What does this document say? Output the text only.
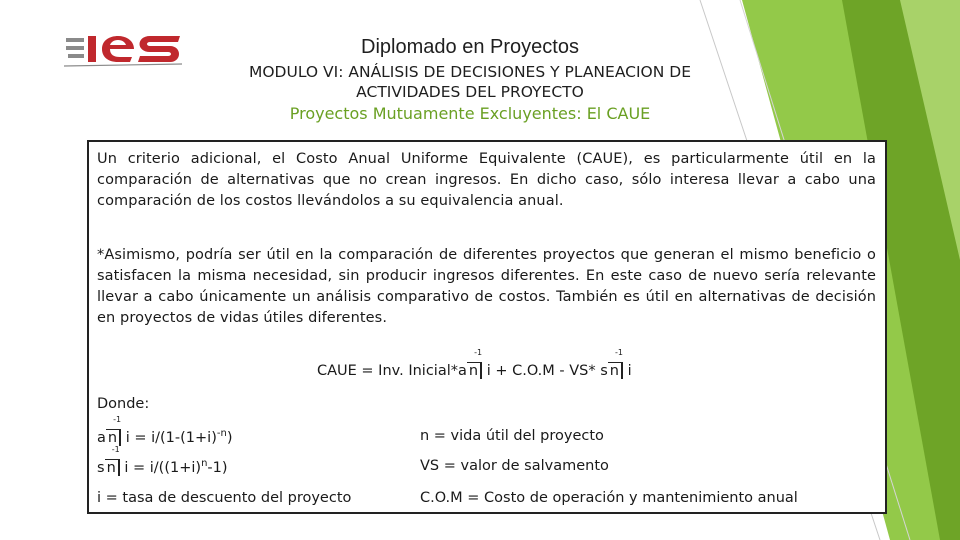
Diplomado en Proyectos
MODULO VI: ANÁLISIS DE DECISIONES Y PLANEACION DE
ACTIVIDADES DEL PROYECTO
Proyectos Mutuamente Excluyentes: El CAUE

Un criterio adicional, el Costo Anual Uniforme Equivalente (CAUE), es particularmente útil en la comparación de alternativas que no crean ingresos. En dicho caso, sólo interesa llevar a cabo una comparación de los costos llevándolos a su equivalencia anual.

*Asimismo, podría ser útil en la comparación de diferentes proyectos que generan el mismo beneficio o satisfacen la misma necesidad, sin producir ingresos diferentes. En este caso de nuevo sería relevante llevar a cabo únicamente un análisis comparativo de costos. También es útil en alternativas de decisión en proyectos de vidas útiles diferentes.

CAUE = Inv. Inicial*a n
-1
i + C.O.M - VS* s n
-1
i
Donde:
a n
-1
$i = i/(1-(1+i)^{-n})$
s n
-1
$i = i/((1+i)^n-1)$
i = tasa de descuento del proyecto
n = vida útil del proyecto
VS = valor de salvamento
C.O.M = Costo de operación y mantenimiento anual
